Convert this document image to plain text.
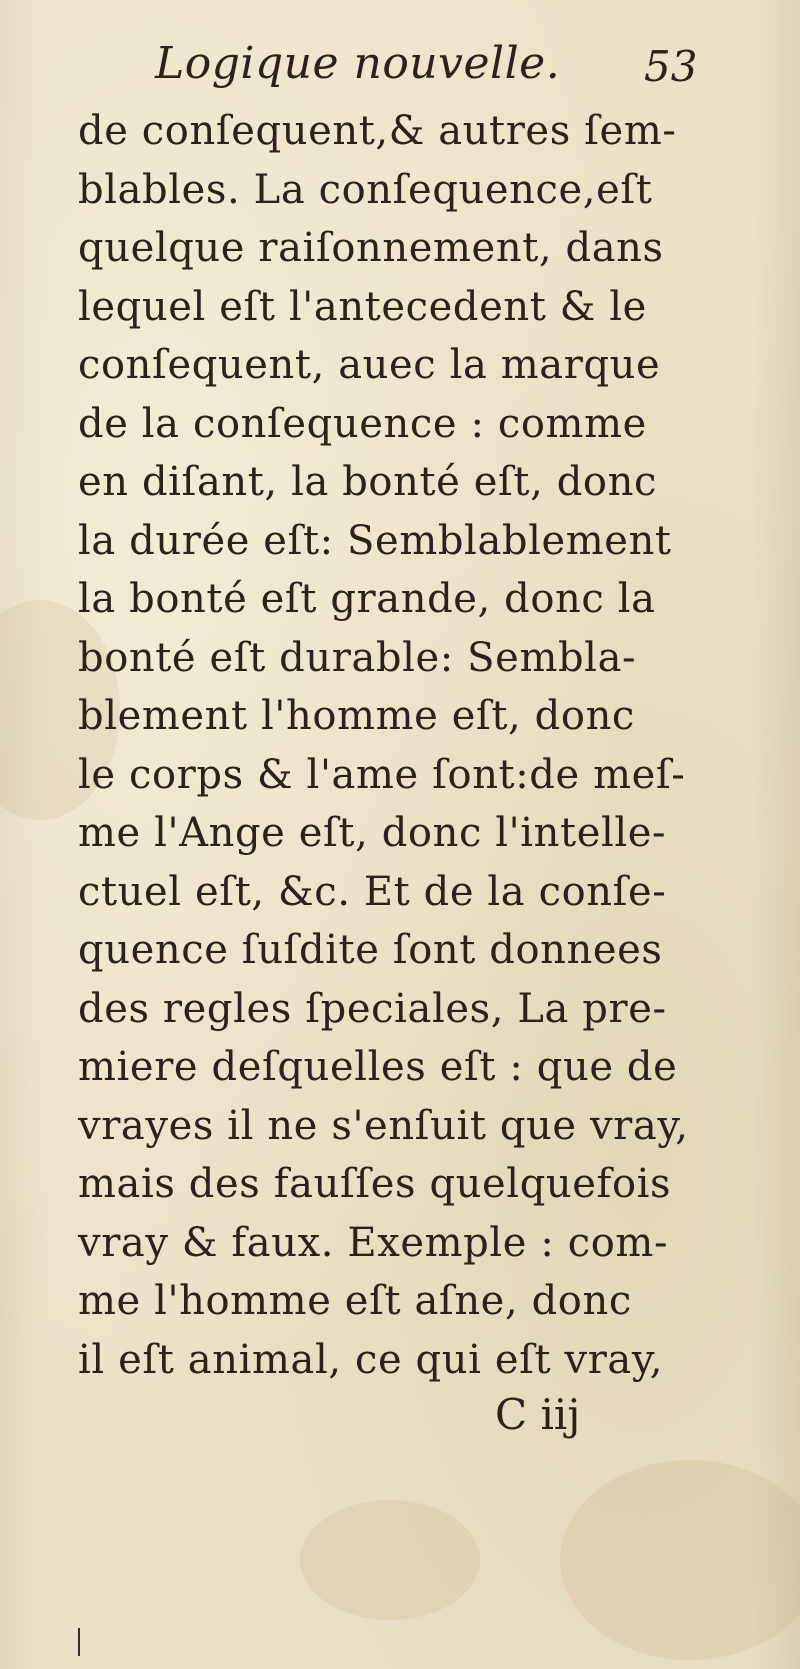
Logique nouvelle. 53
de conſequent,& autres ſem-
blables. La conſequence,eſt
quelque raiſonnement, dans
lequel eſt l'antecedent & le
conſequent, auec la marque
de la conſequence : comme
en diſant, la bonté eſt, donc
la durée eſt: Semblablement
la bonté eſt grande, donc la
bonté eſt durable: Sembla-
blement l'homme eſt, donc
le corps & l'ame ſont:de meſ-
me l'Ange eſt, donc l'intelle-
ctuel eſt, &c. Et de la conſe-
quence ſuſdite ſont donnees
des regles ſpeciales, La pre-
miere deſquelles eſt : que de
vrayes il ne s'enſuit que vray,
mais des fauſſes quelquefois
vray & faux. Exemple : com-
me l'homme eſt aſne, donc
il eſt animal, ce qui eſt vray,
C iij
